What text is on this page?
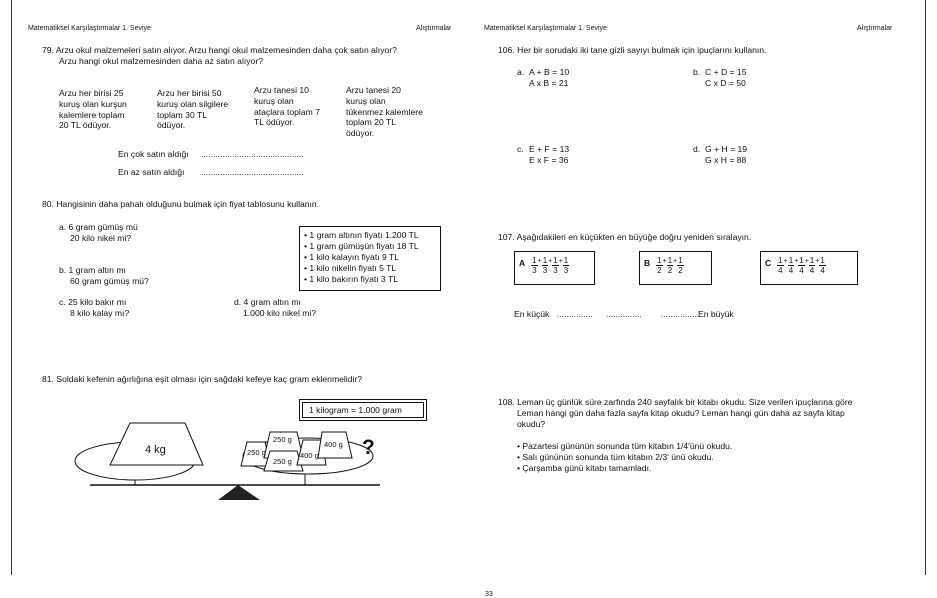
Matematiksel Karşılaştırmalar 1. Seviye	Alıştırmalar	Matematiksel Karşılaştırmalar 1. Seviye	Alıştırmalar
79. Arzu okul malzemeleri satın alıyor. Arzu hangi okul malzemesinden daha çok satın alıyor?
Arzu hangi okul malzemesinden daha az satın alıyor?
Arzu her birisi 25 kuruş olan kurşun kalemlere toplam 20 TL ödüyor.
Arzu her birisi 50 kuruş olan silgilere toplam 30 TL ödüyor.
Arzu tanesi 10 kuruş olan ataçlara toplam 7 TL ödüyor.
Arzu tanesi 20 kuruş olan tükenmez kalemlere toplam 20 TL ödüyor.
En çok satın aldığı ...........................................
En az satın aldığı ...........................................
80. Hangisinin daha pahalı olduğunu bulmak için fiyat tablosunu kullanın.
a. 6 gram gümüş mü
20 kilo nikel mi?
b. 1 gram altın mı
60 gram gümüş mü?
c. 25 kilo bakır mı
8 kilo kalay mı?
d. 4 gram altın mı
1.000 kilo nikel mi?
• 1 gram altının fiyatı 1.200 TL
• 1 gram gümüşün fiyatı 18 TL
• 1 kilo kalayın fiyatı 9 TL
• 1 kilo nikelin fiyatı 5 TL
• 1 kilo bakırın fiyatı 3 TL
81. Soldaki kefenin ağırlığına eşit olması için sağdaki kefeye kaç gram eklenmelidir?
1 kilogram = 1.000 gram
4 kg	250 g
250 g
250 g
400 g
400 g ?
106. Her bir sorudaki iki tane gizli sayıyı bulmak için ipuçlarını kullanın.
a. A + B = 10
A x B = 21
b. C + D = 15
C x D = 50
c. E + F = 13
E x F = 36
d. G + H = 19
G x H = 88
107. Aşağıdakileri en küçükten en büyüğe doğru yeniden sıralayın.
A $\frac{1}{3} + \frac{1}{3} + \frac{1}{3} + \frac{1}{3}$	B $\frac{1}{2} + \frac{1}{2} + \frac{1}{2}$	C $\frac{1}{4} + \frac{1}{4} + \frac{1}{4} + \frac{1}{4} + \frac{1}{4}$
En küçük ............... ............... ................
En büyük
108. Leman üç günlük süre zarfında 240 sayfalık bir kitabı okudu. Size verilen ipuçlarına göre
Leman hangi gün daha fazla sayfa kitap okudu? Leman hangi gün daha az sayfa kitap
okudu?
• Pazartesi gününün sonunda tüm kitabın 1/4'ünü okudu.
• Salı gününün sonunda tüm kitabın 2/3' ünü okudu.
• Çarşamba günü kitabı tamamladı.
33
